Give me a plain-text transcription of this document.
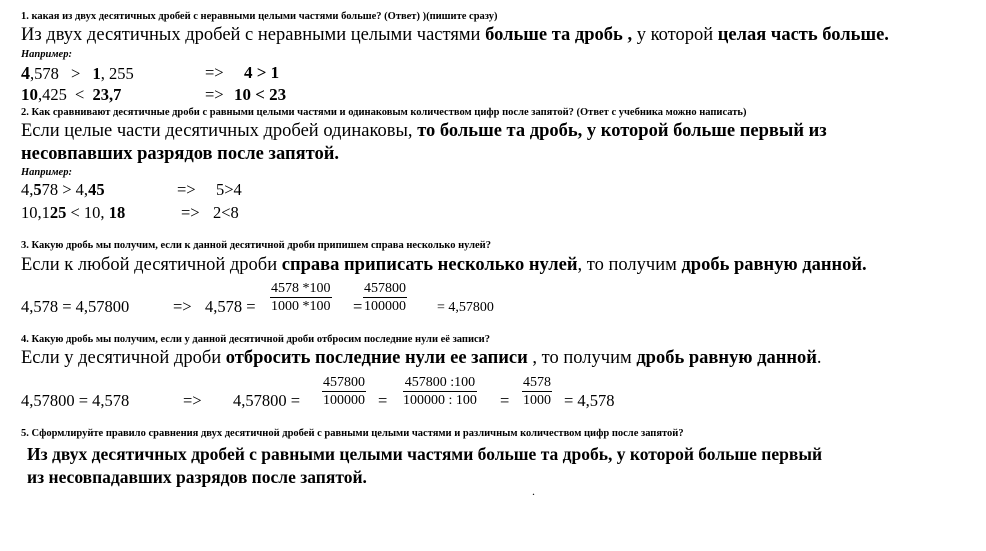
1. какая из двух десятичных дробей с неравными целыми частями больше? (Ответ) )(пишите сразу)
Из двух десятичных дробей с неравными целыми частями больше та дробь , у которой целая часть больше.
Например:
4,578 > 1, 255	=> 4 > 1
10,425 < 23,7	=> 10 < 23
2. Как сравнивают десятичные дроби с равными целыми частями и одинаковым количеством цифр после запятой? (Ответ с учебника можно написать)
Если целые части десятичных дробей одинаковы, то больше та дробь, у которой больше первый из
несовпавших разрядов после запятой.
Например:
4,578 > 4,45	=> 5>4
10,125 < 10, 18	=> 2<8
3. Какую дробь мы получим, если к данной десятичной дроби припишем справа несколько нулей?
Если к любой десятичной дроби справа приписать несколько нулей, то получим дробь равную данной.
4,578 = 4,57800	=> $4,578 = \frac{4578 *100}{1000 *100} = \frac{457800}{100000} = 4,57800$
4. Какую дробь мы получим, если у данной десятичной дроби отбросим последние нули её записи?
Если у десятичной дроби отбросить последние нули ее записи , то получим дробь равную данной.
4,57800 = 4,578	=> $4,57800 = \frac{457800}{100000} = \frac{457800 :100}{100000 : 100} = \frac{4578}{1000} = 4,578$
5. Сформлируйте правило сравнения двух десятичной дробей с равными целыми частями и различным количеством цифр после запятой?
Из двух десятичных дробей с равными целыми частями больше та дробь, у которой больше первый
из несовпадавших разрядов после запятой.
.
